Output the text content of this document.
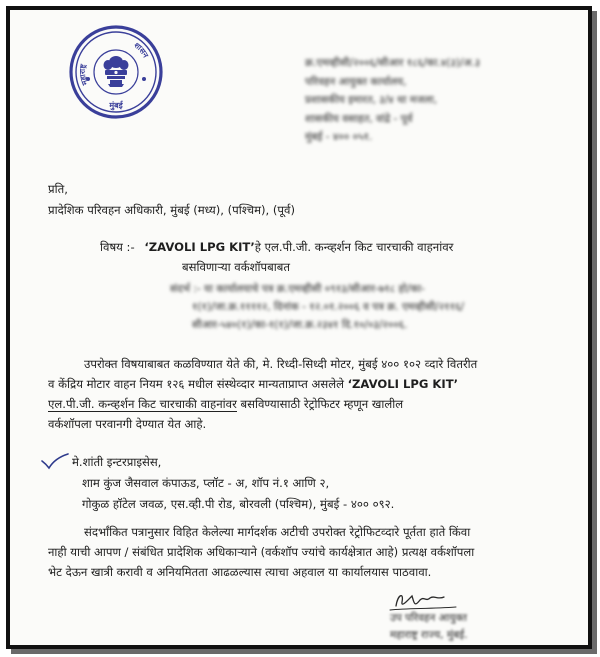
महाराष्ट्र
शासन
मुंबई
क्र.एमव्हीसी/२००६/सीआर १८६/का.४(३)/अ.३
परिवहन आयुक्त कार्यालय,
प्रशासकीय इमारत, ३/४ था मजला,
शासकीय वसाहत, वांद्रे - पूर्व
मुंबई - ४०० ०५१.
प्रति,
प्रादेशिक परिवहन अधिकारी, मुंबई (मध्य), (पश्चिम), (पूर्व)
विषय :- ‘ZAVOLI LPG KIT’हे एल.पी.जी. कन्व्हर्शन किट चारचाकी वाहनांवर
बसविणाऱ्या वर्कशॉपबाबत
संदर्भ :- या कार्यालयाचे पत्र क्र.एमव्हीसी ०९१३/सीआर-७१८ हो/का-
१(१)/जा.क्र.११११२, दिनांक - १२.०१.२००६ व पत्र क्र. एमव्हीसी/२११६/
सीआर-५४०(१)/का-१(१)/जा.क्र.२३४१ दि.१०/०३/२००६.
उपरोक्त विषयाबाबत कळविण्यात येते की, मे. रिध्दी-सिध्दी मोटर, मुंबई ४०० १०२ व्दारे वितरीत
व केंद्रिय मोटार वाहन नियम १२६ मधील संस्थेव्दार मान्यताप्राप्त असलेले ‘ZAVOLI LPG KIT’
एल.पी.जी. कन्व्हर्शन किट चारचाकी वाहनांवर बसविण्यासाठी रेट्रोफिटर म्हणून खालील
वर्कशॉपला परवानगी देण्यात येत आहे.
मे.शांती इन्टरप्राइसेस,
शाम कुंज जैसवाल कंपाऊड, प्लॉट - अ, शॉप नं.१ आणि २,
गोकुळ हॉटेल जवळ, एस.व्ही.पी रोड, बोरवली (पश्चिम), मुंबई - ४०० ०९२.
संदर्भांकित पत्रानुसार विहित केलेल्या मार्गदर्शक अटीची उपरोक्त रेट्रोफिटव्दारे पूर्तता हाते किंवा
नाही याची आपण / संबंधित प्रादेशिक अधिकाऱ्याने (वर्कशॉप ज्यांचे कार्यक्षेत्रात आहे) प्रत्यक्ष वर्कशॉपला
भेट देऊन खात्री करावी व अनियमितता आढळल्यास त्याचा अहवाल या कार्यालयास पाठवावा.
उप परिवहन आयुक्त
महाराष्ट्र राज्य, मुंबई.
